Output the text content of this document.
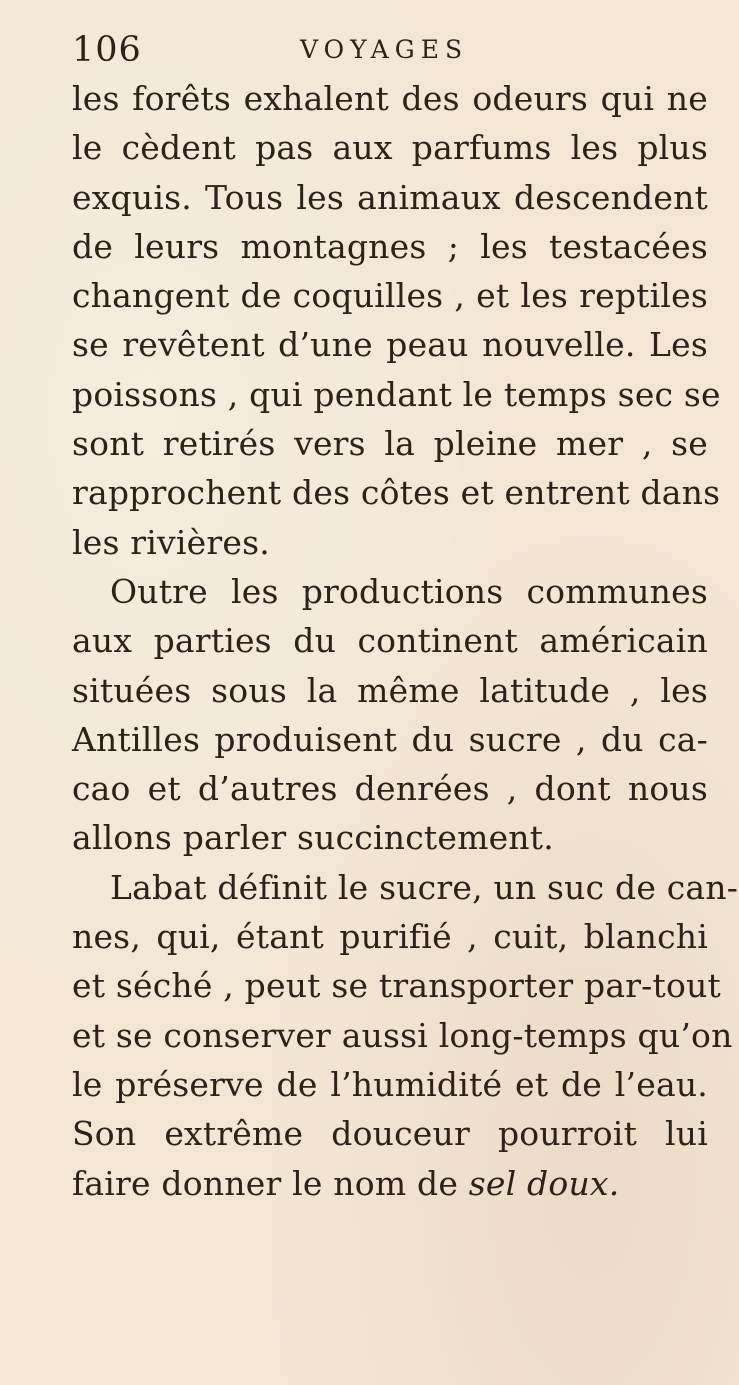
106	VOYAGES
les forêts exhalent des odeurs qui ne
le cèdent pas aux parfums les plus
exquis. Tous les animaux descendent
de leurs montagnes ; les testacées
changent de coquilles , et les reptiles
se revêtent d’une peau nouvelle. Les
poissons , qui pendant le temps sec se
sont retirés vers la pleine mer , se
rapprochent des côtes et entrent dans
les rivières.
Outre les productions communes
aux parties du continent américain
situées sous la même latitude , les
Antilles produisent du sucre , du ca-
cao et d’autres denrées , dont nous
allons parler succinctement.
Labat définit le sucre, un suc de can-
nes, qui, étant purifié , cuit, blanchi
et séché , peut se transporter par-tout
et se conserver aussi long-temps qu’on
le préserve de l’humidité et de l’eau.
Son extrême douceur pourroit lui
faire donner le nom de sel doux.
